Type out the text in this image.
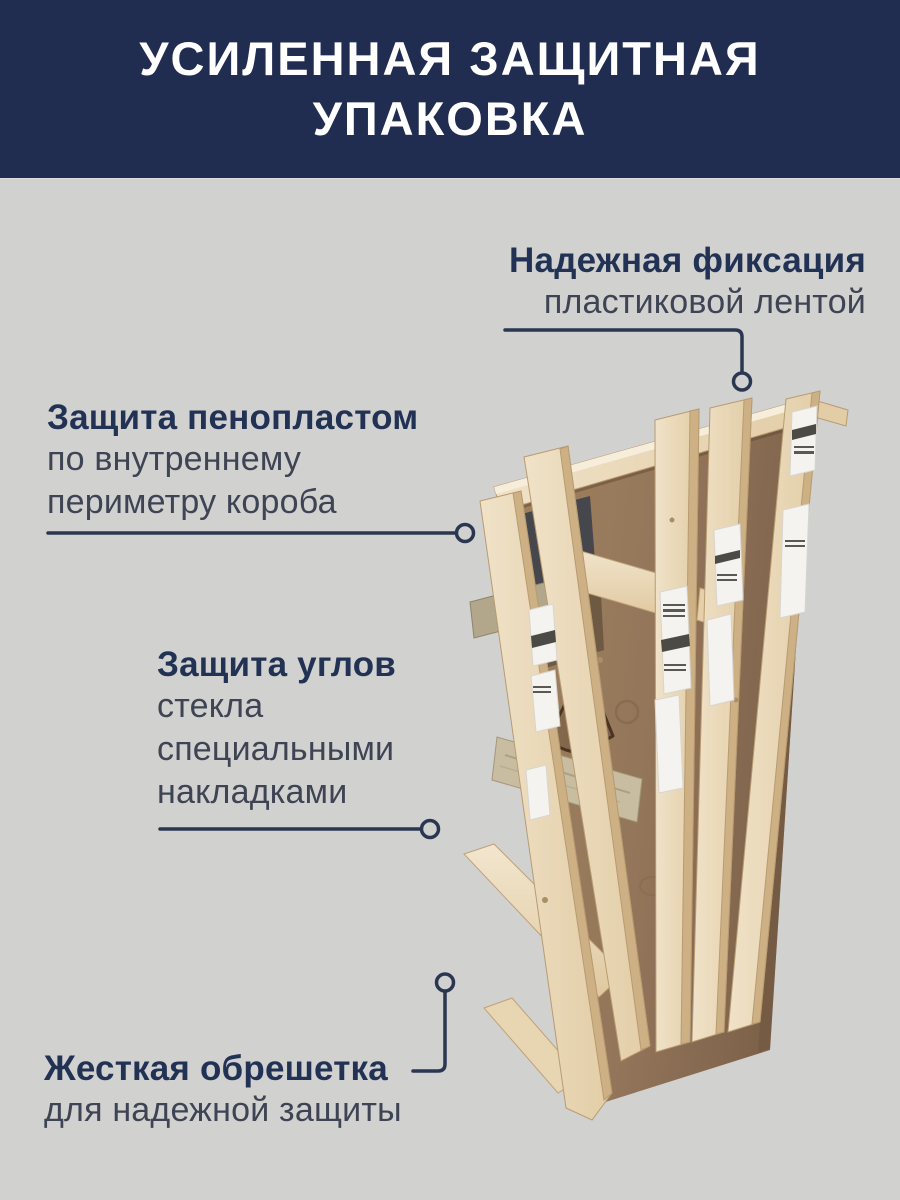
УСИЛЕННАЯ ЗАЩИТНАЯ
УПАКОВКА
Надежная фиксация
пластиковой лентой
Защита пенопластом
по внутреннему
периметру короба
Защита углов
стекла
специальными
накладками
Жесткая обрешетка
для надежной защиты
